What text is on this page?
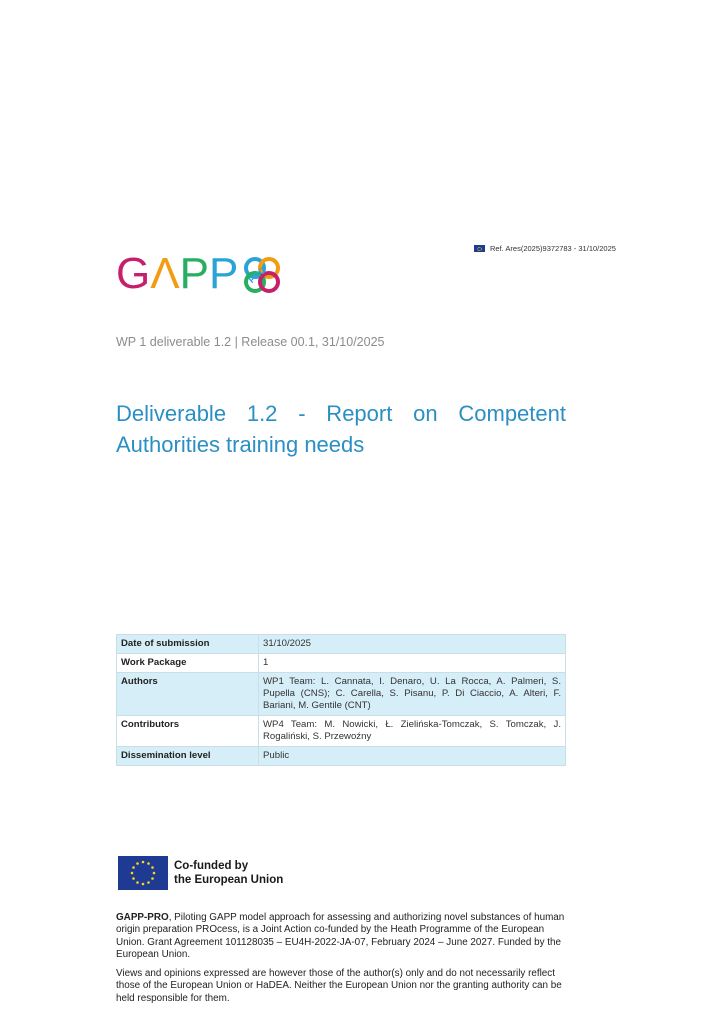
Ref. Ares(2025)9372783 - 31/10/2025
G Λ P P PRO
WP 1 deliverable 1.2 | Release 00.1, 31/10/2025
Deliverable 1.2 - Report on Competent Authorities training needs
Date of submission	31/10/2025
Work Package	1
Authors	WP1 Team: L. Cannata, I. Denaro, U. La Rocca, A. Palmeri, S. Pupella (CNS); C. Carella, S. Pisanu, P. Di Ciaccio, A. Alteri, F. Bariani, M. Gentile (CNT)
Contributors	WP4 Team: M. Nowicki, Ł. Zielińska-Tomczak, S. Tomczak, J. Rogaliński, S. Przewoźny
Dissemination level	Public
Co-funded by
the European Union

GAPP-PRO, Piloting GAPP model approach for assessing and authorizing novel substances of human origin preparation PROcess, is a Joint Action co-funded by the Heath Programme of the European Union. Grant Agreement 101128035 – EU4H-2022-JA-07, February 2024 – June 2027. Funded by the European Union.

Views and opinions expressed are however those of the author(s) only and do not necessarily reflect those of the European Union or HaDEA. Neither the European Union nor the granting authority can be held responsible for them.
